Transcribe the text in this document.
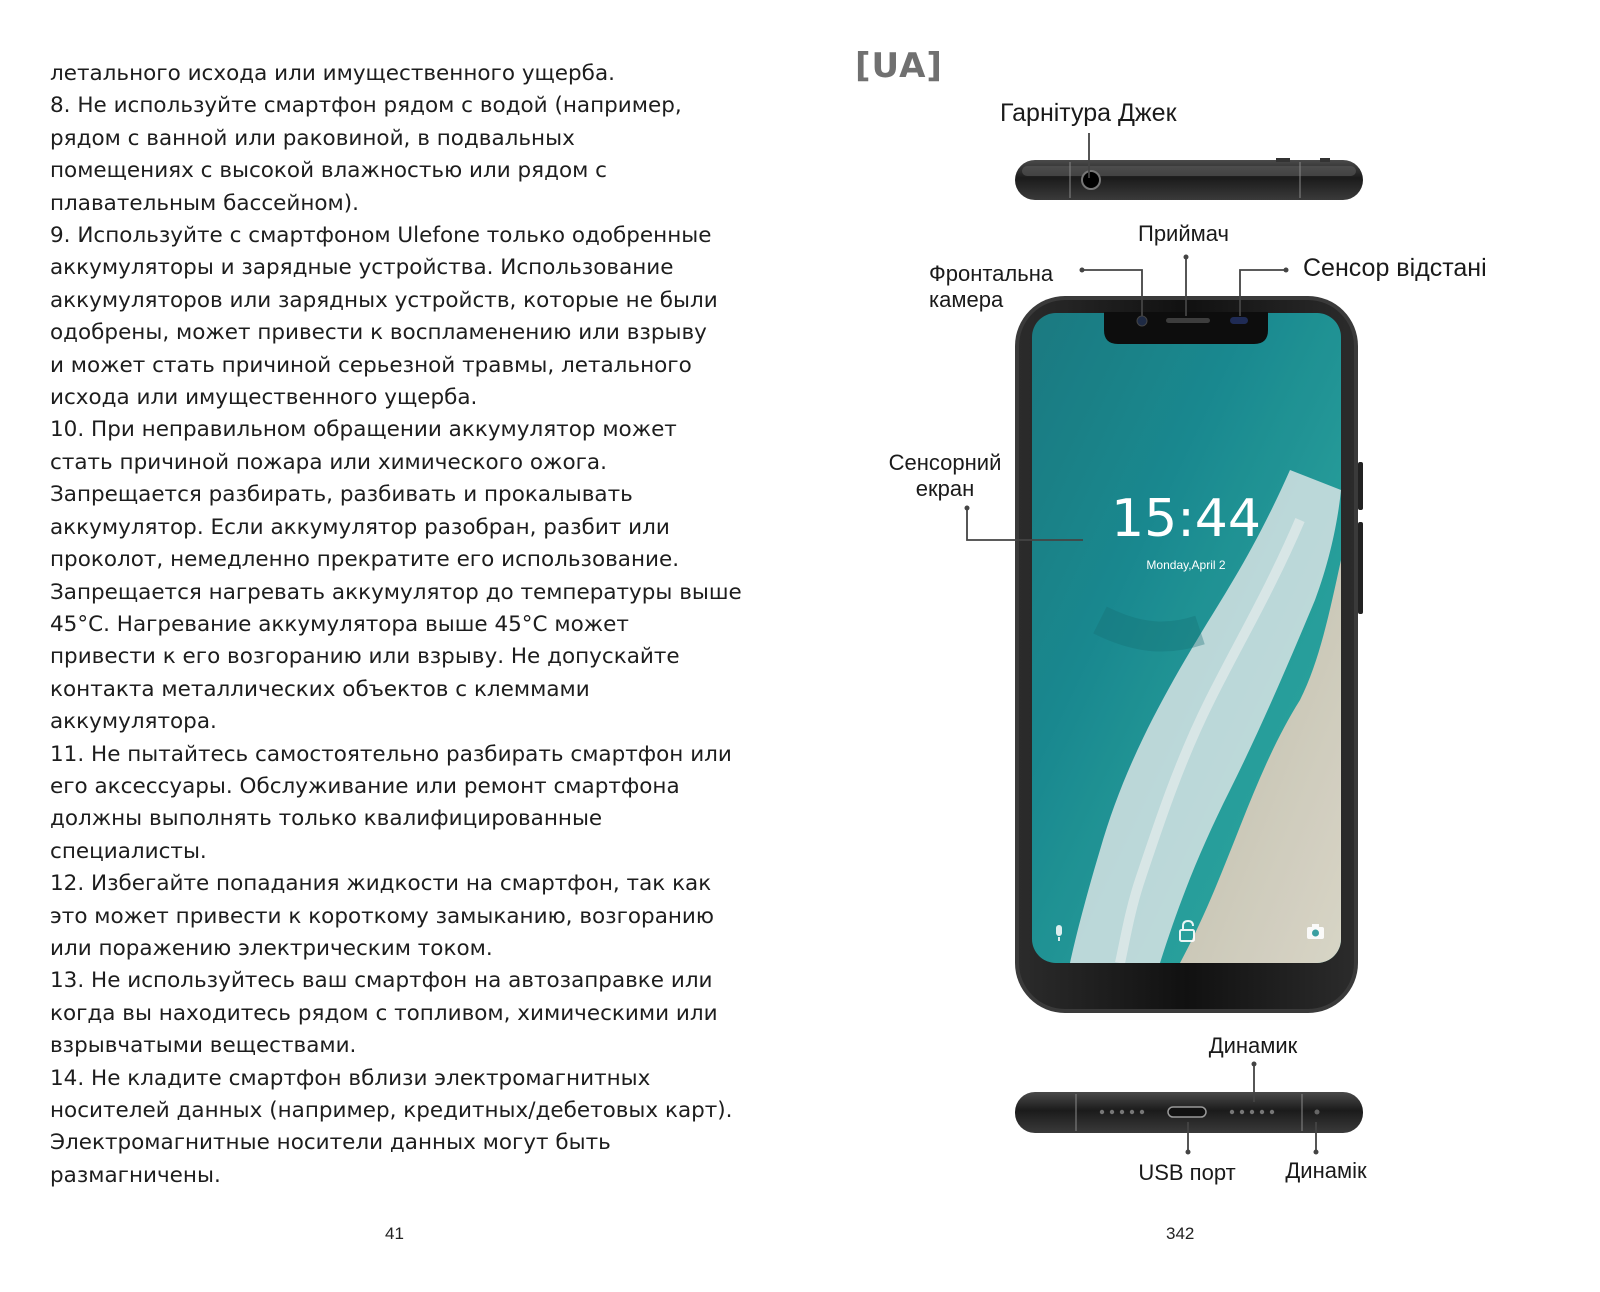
летального исхода или имущественного ущерба.
8. Не используйте смартфон рядом с водой (например,
рядом с ванной или раковиной, в подвальных
помещениях с высокой влажностью или рядом с
плавательным бассейном).
9. Используйте с смартфоном Ulefone только одобренные
аккумуляторы и зарядные устройства. Использование
аккумуляторов или зарядных устройств, которые не были
одобрены, может привести к воспламенению или взрыву
и может стать причиной серьезной травмы, летального
исхода или имущественного ущерба.
10. При неправильном обращении аккумулятор может
стать причиной пожара или химического ожога.
Запрещается разбирать, разбивать и прокалывать
аккумулятор. Если аккумулятор разобран, разбит или
проколот, немедленно прекратите его использование.
Запрещается нагревать аккумулятор до температуры выше
45°C. Нагревание аккумулятора выше 45°C может
привести к его возгоранию или взрыву. Не допускайте
контакта металлических объектов с клеммами
аккумулятора.
11. Не пытайтесь самостоятельно разбирать смартфон или
его аксессуары. Обслуживание или ремонт смартфона
должны выполнять только квалифицированные
специалисты.
12. Избегайте попадания жидкости на смартфон, так как
это может привести к короткому замыканию, возгоранию
или поражению электрическим током.
13. Не используйтесь ваш смартфон на автозаправке или
когда вы находитесь рядом с топливом, химическими или
взрывчатыми веществами.
14. Не кладите смартфон вблизи электромагнитных
носителей данных (например, кредитных/дебетовых карт).
Электромагнитные носители данных могут быть
размагничены.
41
[UA]
342
15:44
Monday,April 2
Гарнітура Джек
Приймач
Фронтальна
камера
Сенсор відстані
Сенсорний
екран
Динамик
USB порт Динамік
